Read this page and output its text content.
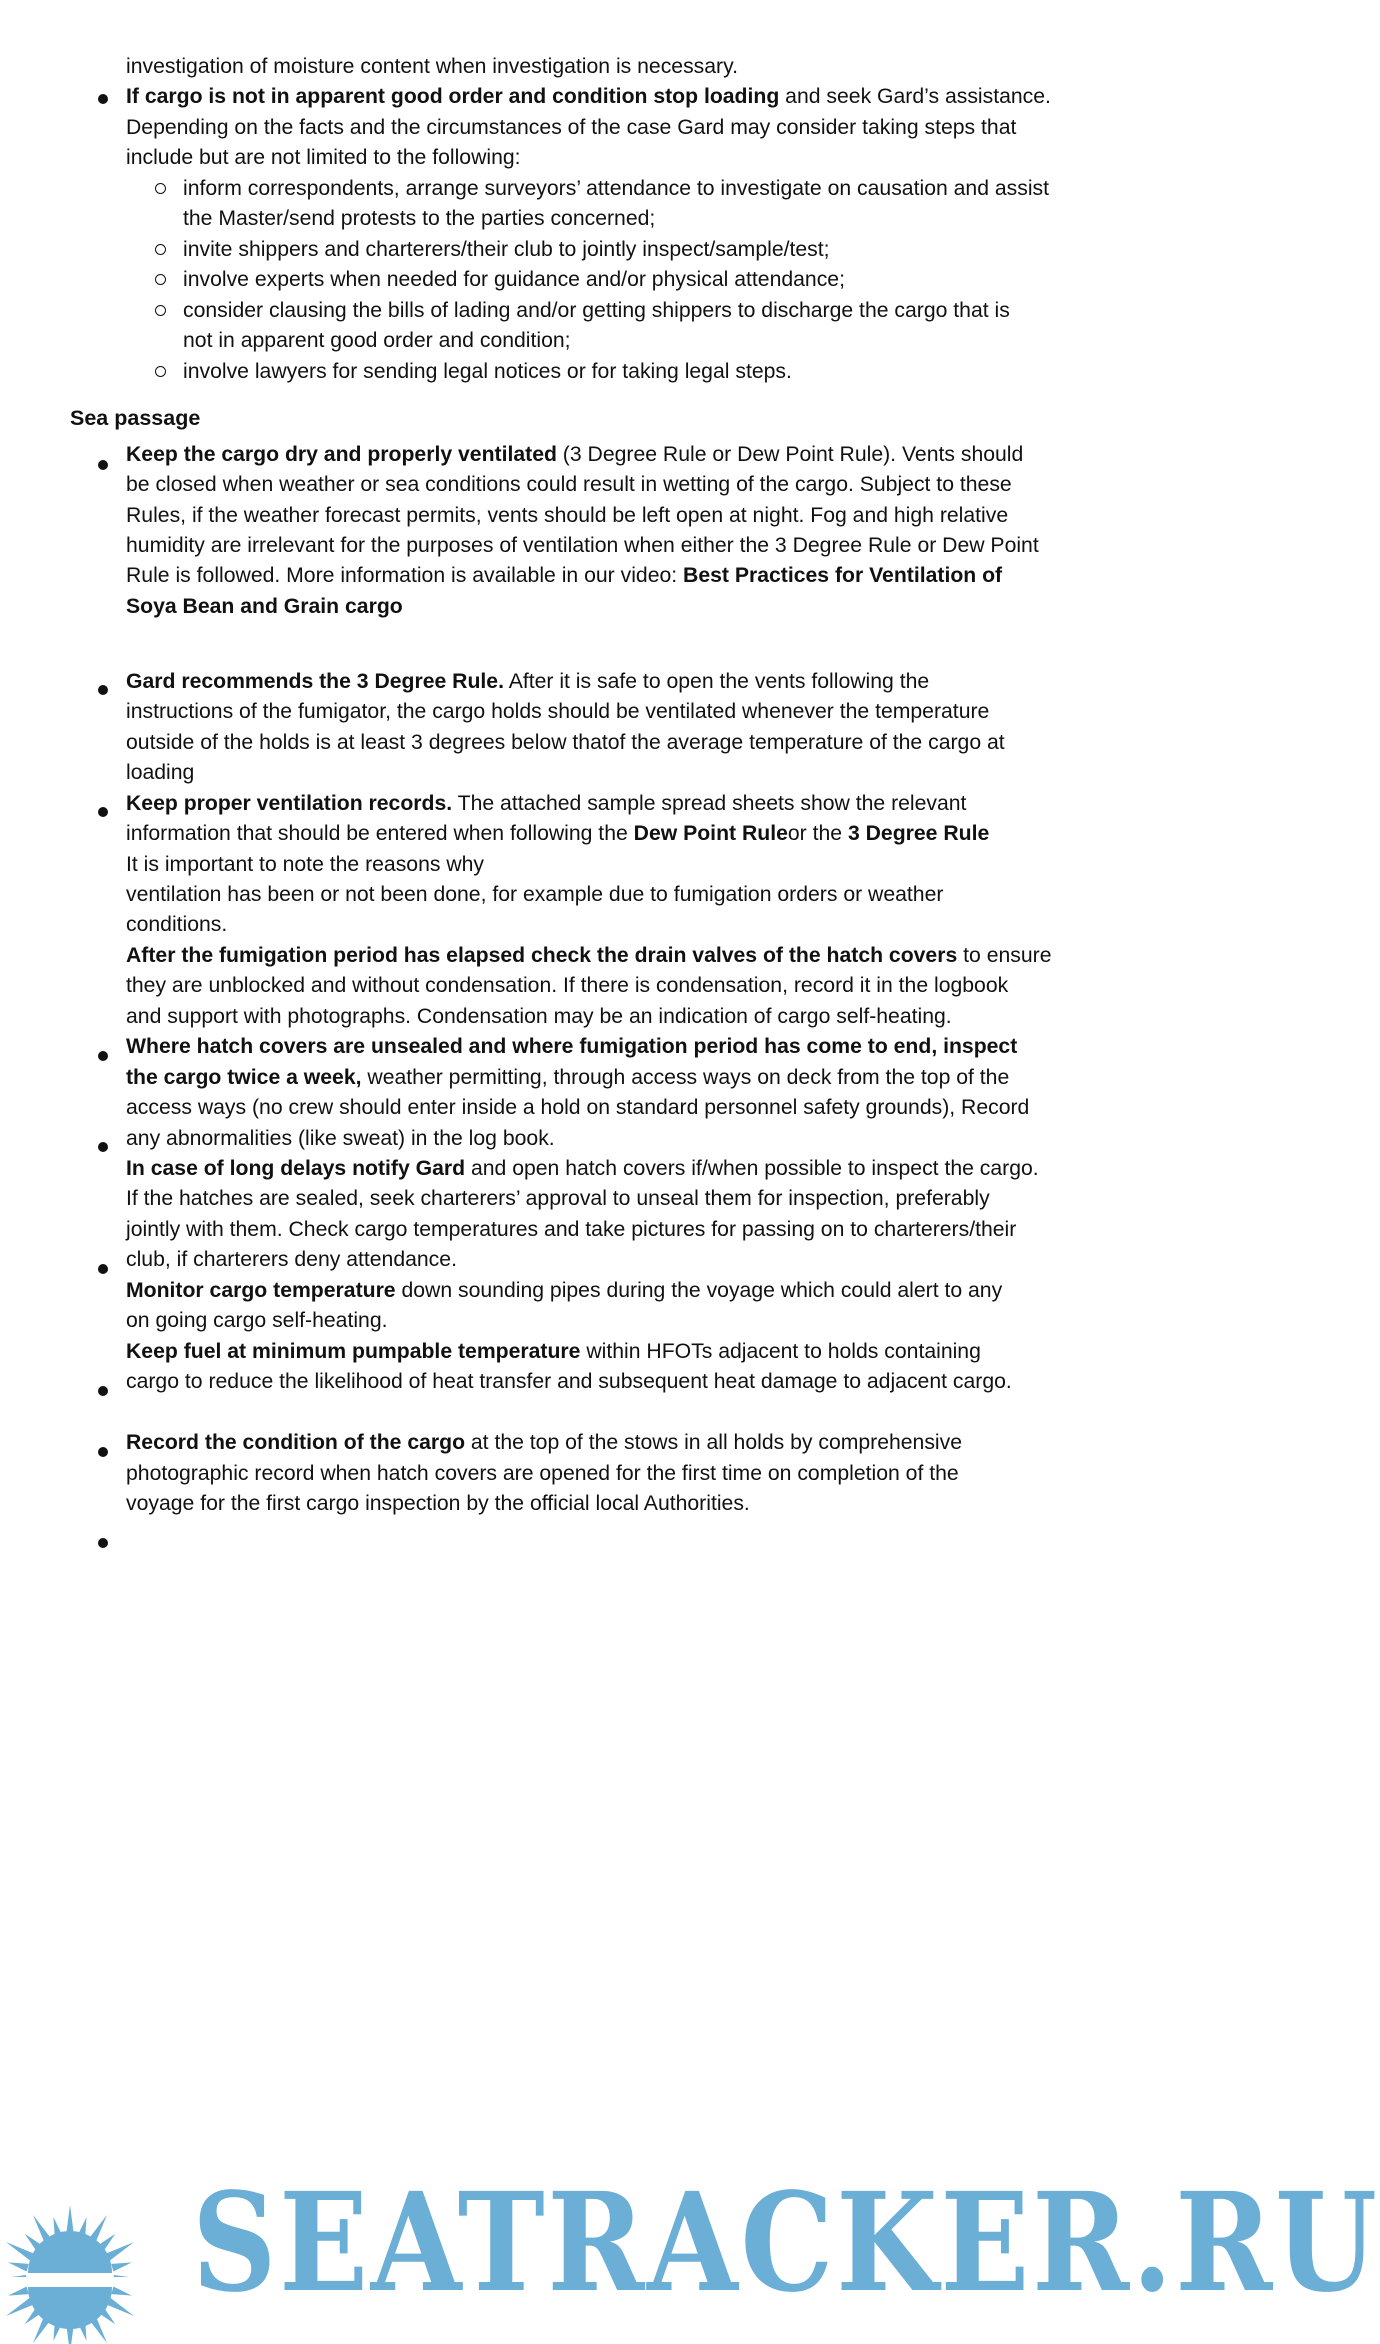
investigation of moisture content when investigation is necessary.
If cargo is not in apparent good order and condition stop loading and seek Gard’s assistance.
Depending on the facts and the circumstances of the case Gard may consider taking steps that
include but are not limited to the following:
inform correspondents, arrange surveyors’ attendance to investigate on causation and assist
the Master/send protests to the parties concerned;
invite shippers and charterers/their club to jointly inspect/sample/test;
involve experts when needed for guidance and/or physical attendance;
consider clausing the bills of lading and/or getting shippers to discharge the cargo that is
not in apparent good order and condition;
involve lawyers for sending legal notices or for taking legal steps.
Sea passage
Keep the cargo dry and properly ventilated (3 Degree Rule or Dew Point Rule). Vents should
be closed when weather or sea conditions could result in wetting of the cargo. Subject to these
Rules, if the weather forecast permits, vents should be left open at night. Fog and high relative
humidity are irrelevant for the purposes of ventilation when either the 3 Degree Rule or Dew Point
Rule is followed. More information is available in our video: Best Practices for Ventilation of
Soya Bean and Grain cargo
Gard recommends the 3 Degree Rule. After it is safe to open the vents following the
instructions of the fumigator, the cargo holds should be ventilated whenever the temperature
outside of the holds is at least 3 degrees below thatof the average temperature of the cargo at
loading
Keep proper ventilation records. The attached sample spread sheets show the relevant
information that should be entered when following the Dew Point Ruleor the 3 Degree Rule
It is important to note the reasons why
ventilation has been or not been done, for example due to fumigation orders or weather
conditions.
After the fumigation period has elapsed check the drain valves of the hatch covers to ensure
they are unblocked and without condensation. If there is condensation, record it in the logbook
and support with photographs. Condensation may be an indication of cargo self-heating.
Where hatch covers are unsealed and where fumigation period has come to end, inspect
the cargo twice a week, weather permitting, through access ways on deck from the top of the
access ways (no crew should enter inside a hold on standard personnel safety grounds), Record
any abnormalities (like sweat) in the log book.
In case of long delays notify Gard and open hatch covers if/when possible to inspect the cargo.
If the hatches are sealed, seek charterers’ approval to unseal them for inspection, preferably
jointly with them. Check cargo temperatures and take pictures for passing on to charterers/their
club, if charterers deny attendance.
Monitor cargo temperature down sounding pipes during the voyage which could alert to any
on going cargo self-heating.
Keep fuel at minimum pumpable temperature within HFOTs adjacent to holds containing
cargo to reduce the likelihood of heat transfer and subsequent heat damage to adjacent cargo.
Record the condition of the cargo at the top of the stows in all holds by comprehensive
photographic record when hatch covers are opened for the first time on completion of the
voyage for the first cargo inspection by the official local Authorities.
SEATRACKER.RU
